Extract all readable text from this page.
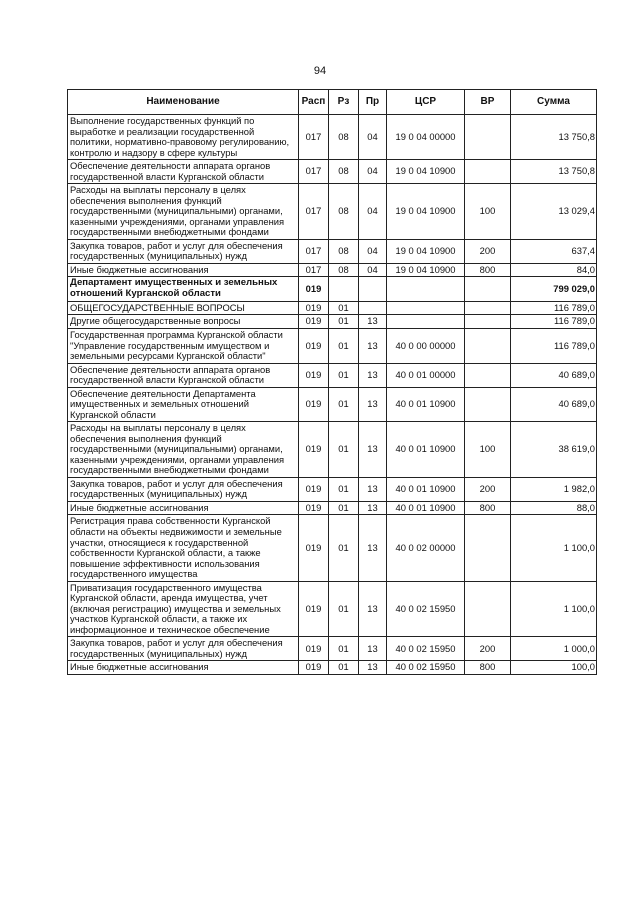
94
Наименование	Расп	Рз	Пр	ЦСР	ВР	Сумма
Выполнение государственных функций по выработке и реализации государственной политики, нормативно-правовому регулированию, контролю и надзору в сфере культуры	017	08	04	19 0 04 00000		13 750,8
Обеспечение деятельности аппарата органов государственной власти Курганской области	017	08	04	19 0 04 10900		13 750,8
Расходы на выплаты персоналу в целях обеспечения выполнения функций государственными (муниципальными) органами, казенными учреждениями, органами управления государственными внебюджетными фондами	017	08	04	19 0 04 10900	100	13 029,4
Закупка товаров, работ и услуг для обеспечения государственных (муниципальных) нужд	017	08	04	19 0 04 10900	200	637,4
Иные бюджетные ассигнования	017	08	04	19 0 04 10900	800	84,0
Департамент имущественных и земельных отношений Курганской области	019					799 029,0
ОБЩЕГОСУДАРСТВЕННЫЕ ВОПРОСЫ	019	01				116 789,0
Другие общегосударственные вопросы	019	01	13			116 789,0
Государственная программа Курганской области "Управление государственным имуществом и земельными ресурсами Курганской области"	019	01	13	40 0 00 00000		116 789,0
Обеспечение деятельности аппарата органов государственной власти Курганской области	019	01	13	40 0 01 00000		40 689,0
Обеспечение деятельности Департамента имущественных и земельных отношений Курганской области	019	01	13	40 0 01 10900		40 689,0
Расходы на выплаты персоналу в целях обеспечения выполнения функций государственными (муниципальными) органами, казенными учреждениями, органами управления государственными внебюджетными фондами	019	01	13	40 0 01 10900	100	38 619,0
Закупка товаров, работ и услуг для обеспечения государственных (муниципальных) нужд	019	01	13	40 0 01 10900	200	1 982,0
Иные бюджетные ассигнования	019	01	13	40 0 01 10900	800	88,0
Регистрация права собственности Курганской области на объекты недвижимости и земельные участки, относящиеся к государственной собственности Курганской области, а также повышение эффективности использования государственного имущества	019	01	13	40 0 02 00000		1 100,0
Приватизация государственного имущества Курганской области, аренда имущества, учет (включая регистрацию) имущества и земельных участков Курганской области, а также их информационное и техническое обеспечение	019	01	13	40 0 02 15950		1 100,0
Закупка товаров, работ и услуг для обеспечения государственных (муниципальных) нужд	019	01	13	40 0 02 15950	200	1 000,0
Иные бюджетные ассигнования	019	01	13	40 0 02 15950	800	100,0
